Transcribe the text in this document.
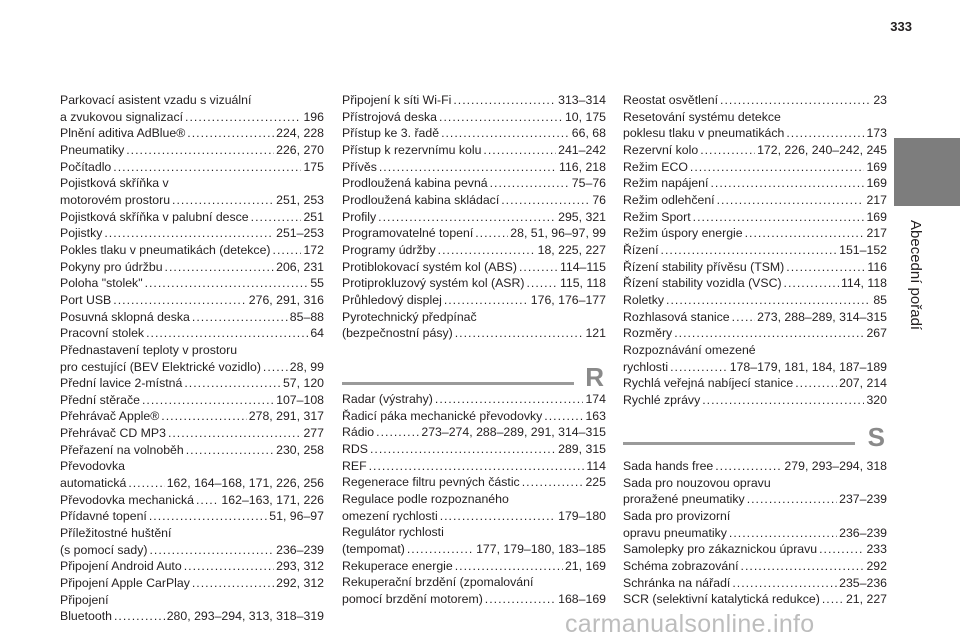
333
Abecední pořadí
Parkovací asistent vzadu s vizuální
a zvukovou signalizací . . .	196
Plnění aditiva AdBlue® . . .	224, 228
Pneumatiky . . .	226, 270
Počítadlo . . .	175
Pojistková skříňka v
motorovém prostoru . . .	251, 253
Pojistková skříňka v palubní desce . . .	251
Pojistky . . .	251–253
Pokles tlaku v pneumatikách (detekce) . . .	172
Pokyny pro údržbu . . .	206, 231
Poloha "stolek" . . .	55
Port USB . . .	276, 291, 316
Posuvná sklopná deska . . .	85–88
Pracovní stolek . . .	64
Přednastavení teploty v prostoru
pro cestující (BEV Elektrické vozidlo) . . . 28, 99
Přední lavice 2-místná . . .	57, 120
Přední stěrače . . .	107–108
Přehrávač Apple® . . .	278, 291, 317
Přehrávač CD MP3 . . .	277
Přeřazení na volnoběh . . .	230, 258
Převodovka
automatická . . .	162, 164–168, 171, 226, 256
Převodovka mechanická . . . 162–163, 171, 226
Přídavné topení . . .	51, 96–97
Příležitostné huštění
(s pomocí sady) . . .	236–239
Připojení Android Auto . . .	293, 312
Připojení Apple CarPlay . . .	292, 312
Připojení
Bluetooth . . .	280, 293–294, 313, 318–319
Připojení k síti Wi-Fi . . .	313–314
Přístrojová deska . . .	10, 175
Přístup ke 3. řadě . . .	66, 68
Přístup k rezervnímu kolu . . .	241–242
Přívěs . . .	116, 218
Prodloužená kabina pevná . . .	75–76
Prodloužená kabina skládací . . .	76
Profily . . .	295, 321
Programovatelné topení . . .	28, 51, 96–97, 99
Programy údržby . . .	18, 225, 227
Protiblokovací systém kol (ABS) . . .	114–115
Protiprokluzový systém kol (ASR) . . .	115, 118
Průhledový displej . . .	176, 176–177
Pyrotechnický předpínač
(bezpečnostní pásy) . . .	121
R
Radar (výstrahy) . . .	174
Řadicí páka mechanické převodovky . . .	163
Rádio . . .	273–274, 288–289, 291, 314–315
RDS . . .	289, 315
REF . . .	114
Regenerace filtru pevných částic . . .	225
Regulace podle rozpoznaného
omezení rychlosti . . .	179–180
Regulátor rychlosti
(tempomat) . . .	177, 179–180, 183–185
Rekuperace energie . . .	21, 169
Rekuperační brzdění (zpomalování
pomocí brzdění motorem) . . .	168–169
Reostat osvětlení . . .	23
Resetování systému detekce
poklesu tlaku v pneumatikách . . .	173
Rezervní kolo . . .	172, 226, 240–242, 245
Režim ECO . . .	169
Režim napájení . . .	169
Režim odlehčení . . .	217
Režim Sport . . .	169
Režim úspory energie . . .	217
Řízení . . .	151–152
Řízení stability přívěsu (TSM) . . .	116
Řízení stability vozidla (VSC) . . .	114, 118
Roletky . . .	85
Rozhlasová stanice . . . 273, 288–289, 314–315
Rozměry . . .	267
Rozpoznávání omezené
rychlosti . . .	178–179, 181, 184, 187–189
Rychlá veřejná nabíjecí stanice . . .	207, 214
Rychlé zprávy . . .	320
S
Sada hands free . . .	279, 293–294, 318
Sada pro nouzovou opravu
proražené pneumatiky . . .	237–239
Sada pro provizorní
opravu pneumatiky . . .	236–239
Samolepky pro zákaznickou úpravu . . .	233
Schéma zobrazování . . .	292
Schránka na nářadí . . .	235–236
SCR (selektivní katalytická redukce) . . . 21, 227
carmanualsonline.info
